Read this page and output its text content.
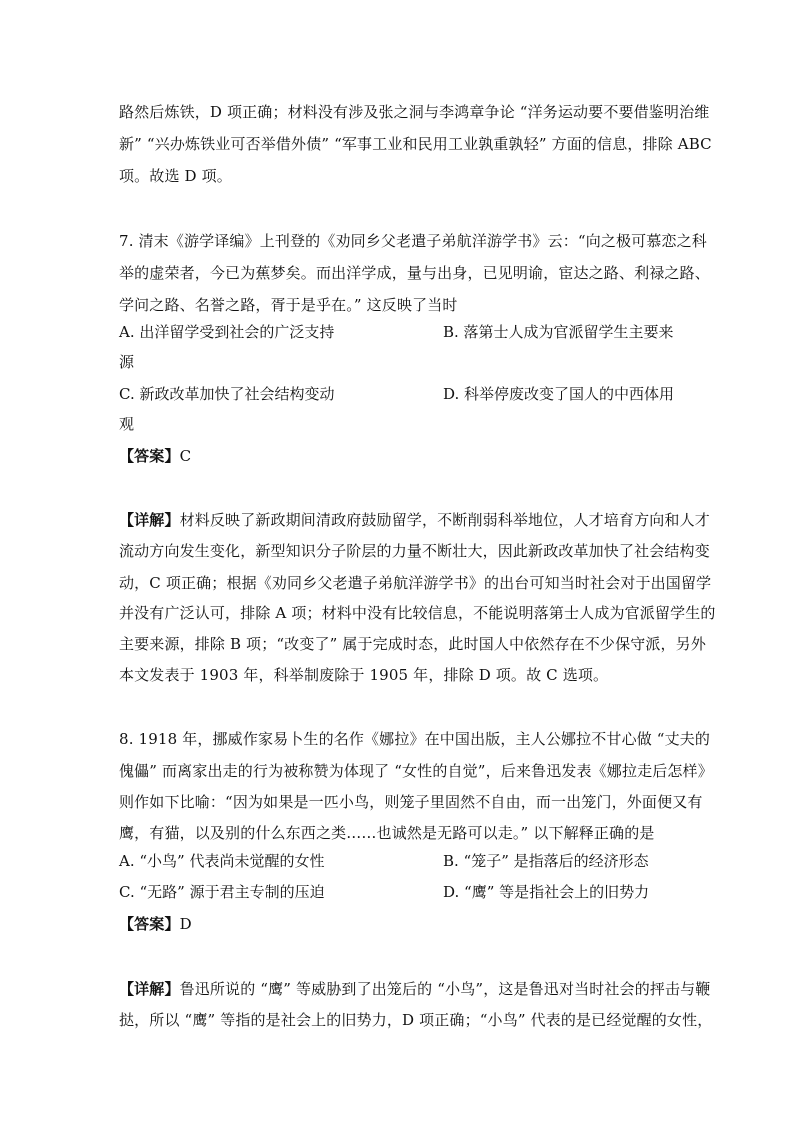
路然后炼铁，D 项正确；材料没有涉及张之洞与李鸿章争论 “洋务运动要不要借鉴明治维
新” “兴办炼铁业可否举借外债” “军事工业和民用工业孰重孰轻” 方面的信息，排除 ABC
项。故选 D 项。
7. 清末《游学译编》上刊登的《劝同乡父老遣子弟航洋游学书》云：“向之极可慕恋之科
举的虚荣者，今已为蕉梦矣。而出洋学成，量与出身，已见明谕，宦达之路、利禄之路、
学问之路、名誉之路，胥于是乎在。” 这反映了当时
A. 出洋留学受到社会的广泛支持	B. 落第士人成为官派留学生主要来
源
C. 新政改革加快了社会结构变动	D. 科举停废改变了国人的中西体用
观
【答案】C
【详解】材料反映了新政期间清政府鼓励留学，不断削弱科举地位，人才培育方向和人才
流动方向发生变化，新型知识分子阶层的力量不断壮大，因此新政改革加快了社会结构变
动，C 项正确；根据《劝同乡父老遣子弟航洋游学书》的出台可知当时社会对于出国留学
并没有广泛认可，排除 A 项；材料中没有比较信息，不能说明落第士人成为官派留学生的
主要来源，排除 B 项；“改变了” 属于完成时态，此时国人中依然存在不少保守派，另外
本文发表于 1903 年，科举制废除于 1905 年，排除 D 项。故 C 选项。
8. 1918 年，挪威作家易卜生的名作《娜拉》在中国出版，主人公娜拉不甘心做 “丈夫的
傀儡” 而离家出走的行为被称赞为体现了 “女性的自觉”，后来鲁迅发表《娜拉走后怎样》
则作如下比喻：“因为如果是一匹小鸟，则笼子里固然不自由，而一出笼门，外面便又有
鹰，有猫，以及别的什么东西之类……也诚然是无路可以走。” 以下解释正确的是
A. “小鸟” 代表尚未觉醒的女性	B. “笼子” 是指落后的经济形态
C. “无路” 源于君主专制的压迫	D. “鹰” 等是指社会上的旧势力
【答案】D
【详解】鲁迅所说的 “鹰” 等威胁到了出笼后的 “小鸟”，这是鲁迅对当时社会的抨击与鞭
挞，所以 “鹰” 等指的是社会上的旧势力，D 项正确；“小鸟” 代表的是已经觉醒的女性，
